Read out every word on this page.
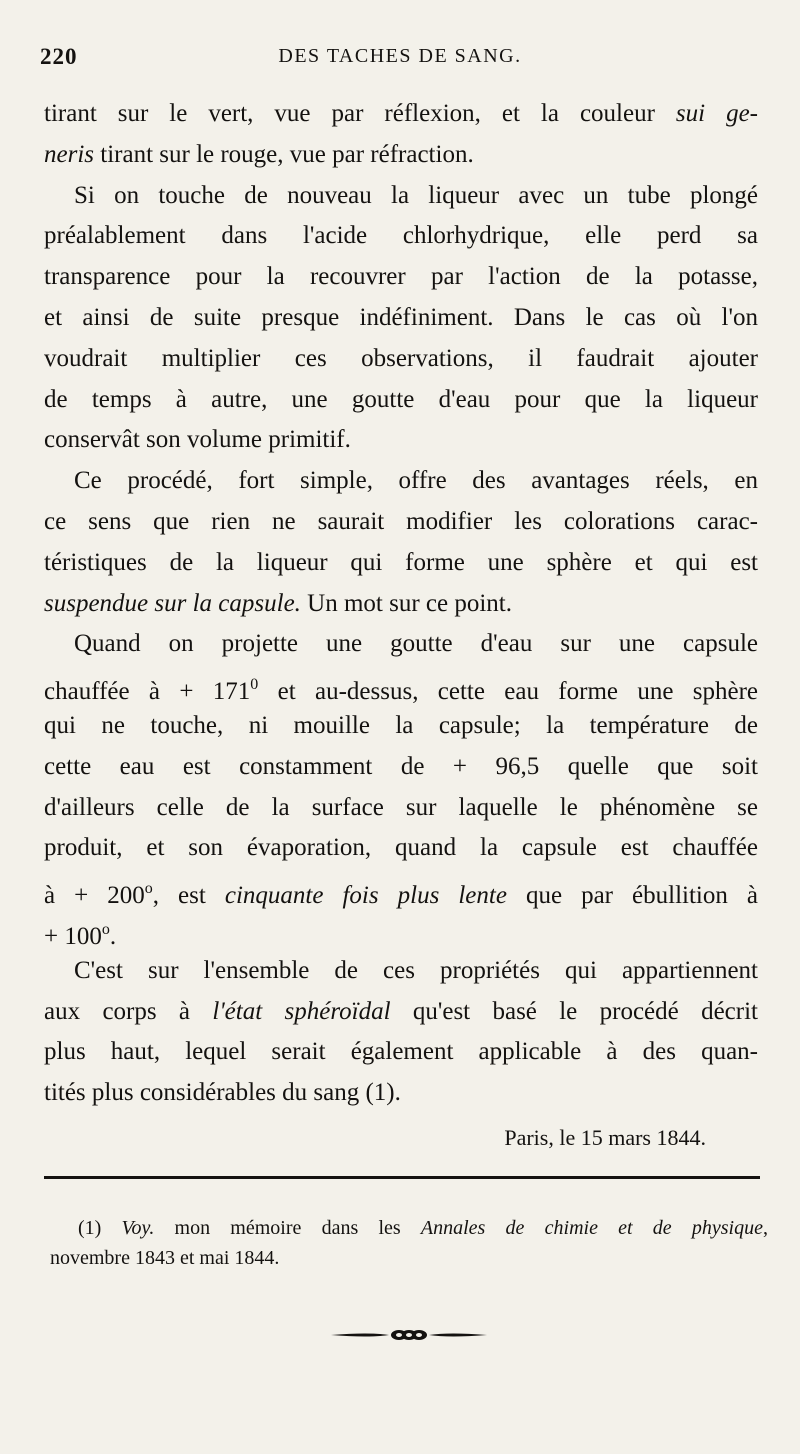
220	DES TACHES DE SANG.
tirant sur le vert, vue par réflexion, et la couleur sui ge-
neris tirant sur le rouge, vue par réfraction.
Si on touche de nouveau la liqueur avec un tube plongé
préalablement dans l'acide chlorhydrique, elle perd sa
transparence pour la recouvrer par l'action de la potasse,
et ainsi de suite presque indéfiniment. Dans le cas où l'on
voudrait multiplier ces observations, il faudrait ajouter
de temps à autre, une goutte d'eau pour que la liqueur
conservât son volume primitif.
Ce procédé, fort simple, offre des avantages réels, en
ce sens que rien ne saurait modifier les colorations carac-
téristiques de la liqueur qui forme une sphère et qui est
suspendue sur la capsule. Un mot sur ce point.
Quand on projette une goutte d'eau sur une capsule
chauffée à + $171^0$ et au-dessus, cette eau forme une sphère
qui ne touche, ni mouille la capsule; la température de
cette eau est constamment de + 96,5 quelle que soit
d'ailleurs celle de la surface sur laquelle le phénomène se
produit, et son évaporation, quand la capsule est chauffée
à + $200^o$, est cinquante fois plus lente que par ébullition à
+ $100^o$.
C'est sur l'ensemble de ces propriétés qui appartiennent
aux corps à l'état sphéroïdal qu'est basé le procédé décrit
plus haut, lequel serait également applicable à des quan-
tités plus considérables du sang (1).
Paris, le 15 mars 1844.
(1) Voy. mon mémoire dans les Annales de chimie et de physique,
novembre 1843 et mai 1844.
